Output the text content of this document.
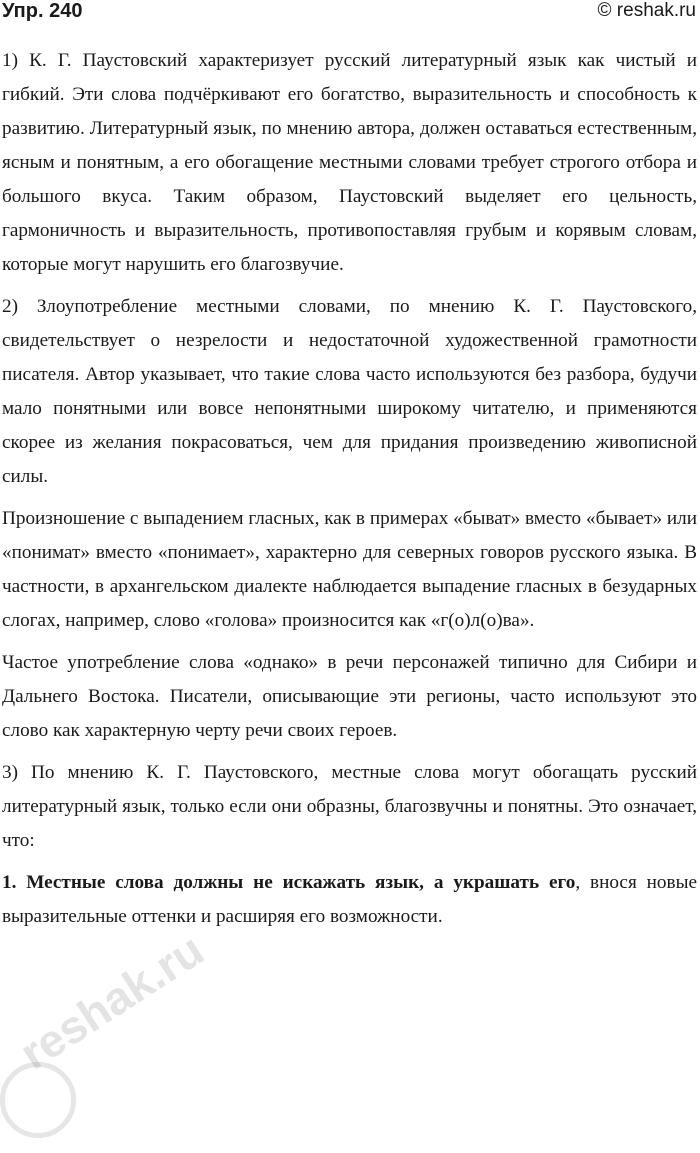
Упр. 240	© reshak.ru

1) К. Г. Паустовский характеризует русский литературный язык как чистый и гибкий. Эти слова подчёркивают его богатство, выразительность и способность к развитию. Литературный язык, по мнению автора, должен оставаться естественным, ясным и понятным, а его обогащение местными словами требует строгого отбора и большого вкуса. Таким образом, Паустовский выделяет его цельность, гармоничность и выразительность, противопоставляя грубым и корявым словам, которые могут нарушить его благозвучие.

2) Злоупотребление местными словами, по мнению К. Г. Паустовского, свидетельствует о незрелости и недостаточной художественной грамотности писателя. Автор указывает, что такие слова часто используются без разбора, будучи мало понятными или вовсе непонятными широкому читателю, и применяются скорее из желания покрасоваться, чем для придания произведению живописной силы.

Произношение с выпадением гласных, как в примерах «быват» вместо «бывает» или «понимат» вместо «понимает», характерно для северных говоров русского языка. В частности, в архангельском диалекте наблюдается выпадение гласных в безударных слогах, например, слово «голова» произносится как «г(о)л(о)ва».

Частое употребление слова «однако» в речи персонажей типично для Сибири и Дальнего Востока. Писатели, описывающие эти регионы, часто используют это слово как характерную черту речи своих героев.

3) По мнению К. Г. Паустовского, местные слова могут обогащать русский литературный язык, только если они образны, благозвучны и понятны. Это означает, что:

1. Местные слова должны не искажать язык, а украшать его, внося новые выразительные оттенки и расширяя его возможности.

reshak.ru
